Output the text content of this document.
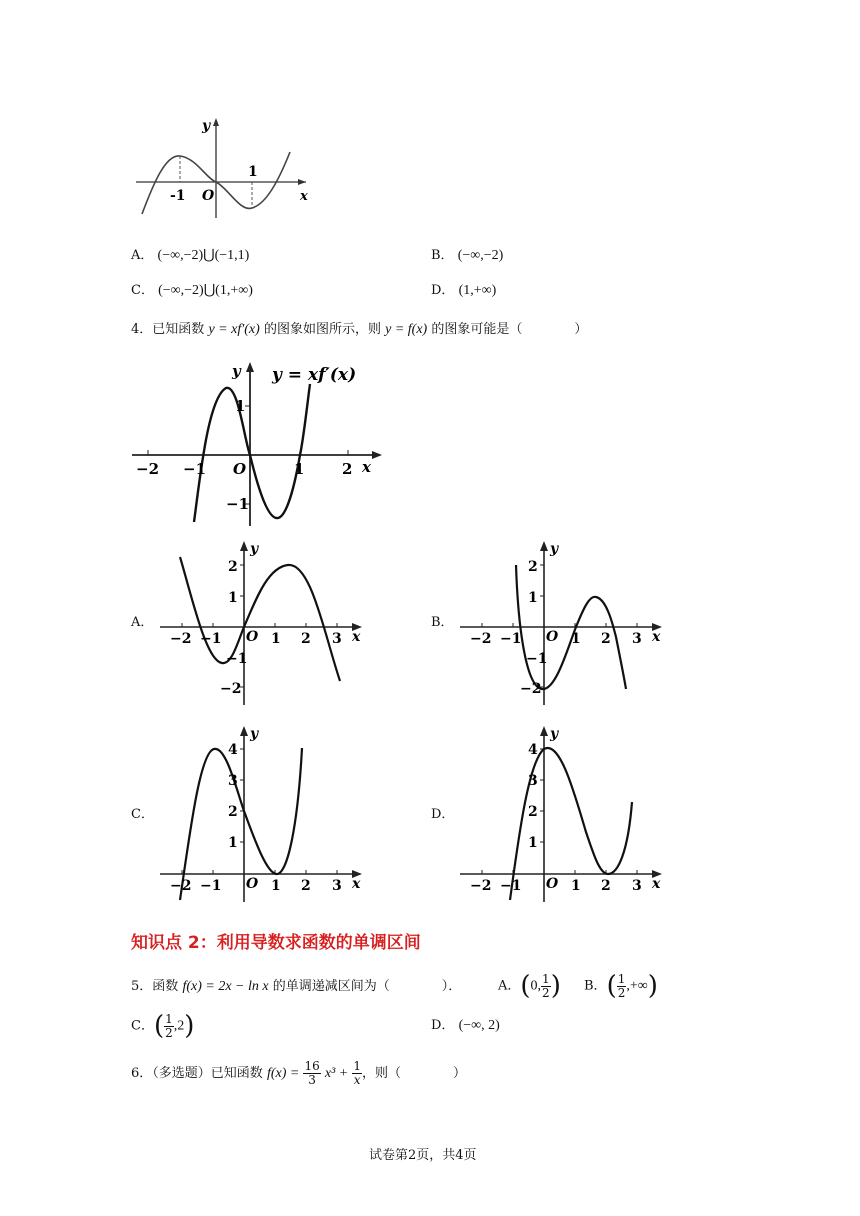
y
x
O
-1
1
A． (−∞,−2)⋃(−1,1)	B． (−∞,−2)
C． (−∞,−2)⋃(1,+∞)	D． (1,+∞)
4．已知函数 y = xf′(x) 的图象如图所示，则 y = f(x) 的图象可能是（　　　　）
y y = xf′(x)
x
O
−2 −1	1	2
1
−1
A．
y
x
O
−2 −1	1 2 3
2
1
−1
−2
B．
y
x
O
−2 −1	1 2 3
2
1
−1
−2
C．
y
x
O
−2 −1	1 2 3
4
3
2
1
D．
y
x
O
−2 −1	1 2 3
4
3
2
1
知识点 2：利用导数求函数的单调区间
5．函数 f(x) = 2x − ln x 的单调递减区间为（　　　　）．	A．(0, $\frac{1}{2}$ ) B．( $\frac{1}{2}$ ,+∞)
C．( $\frac{1}{2} ,2$)	D． (−∞, 2)
6．（多选题）已知函数 $f(x) = \frac{16}{3} x^3 + \frac{1}{x}$ ，则（　　　　）
试卷第2页，共4页
